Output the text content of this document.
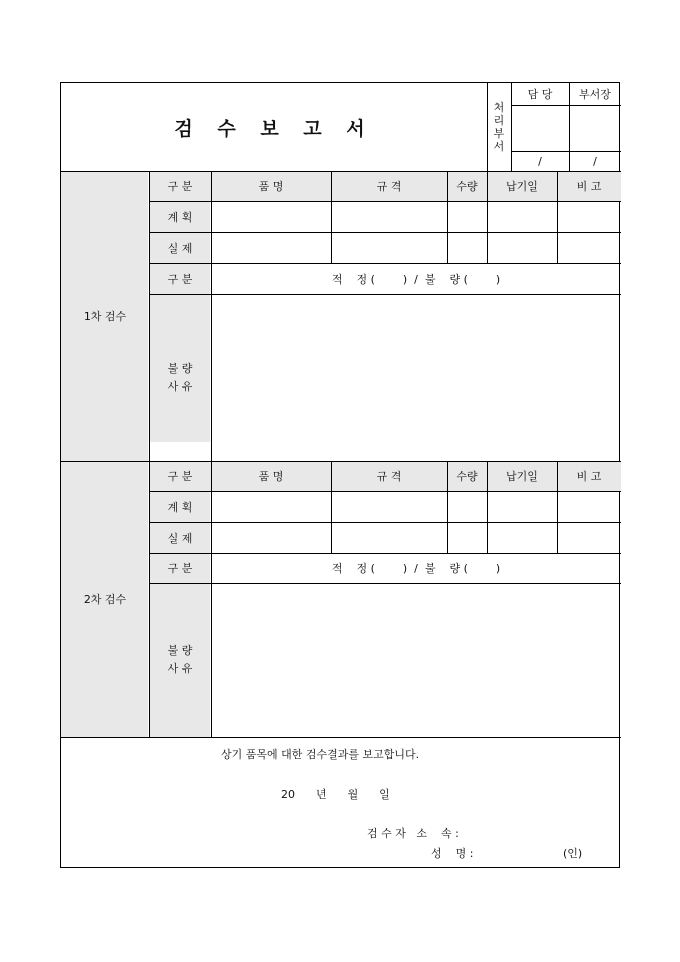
검 수 보 고 서
처
리
부
서
담 당	부서장
/	/
1차 검수
구 분	품 명	규 격	수량	납기일	비 고
계 획
실 제
구 분	적    정 (        )  /  불    량 (        )
불 량
사 유
2차 검수
구 분	품 명	규 격	수량	납기일	비 고
계 획
실 제
구 분	적    정 (        )  /  불    량 (        )
불 량
사 유
상기 품목에 대한 검수결과를 보고합니다.
20      년      월      일
검 수 자   소    속 :
성    명 :	(인)
